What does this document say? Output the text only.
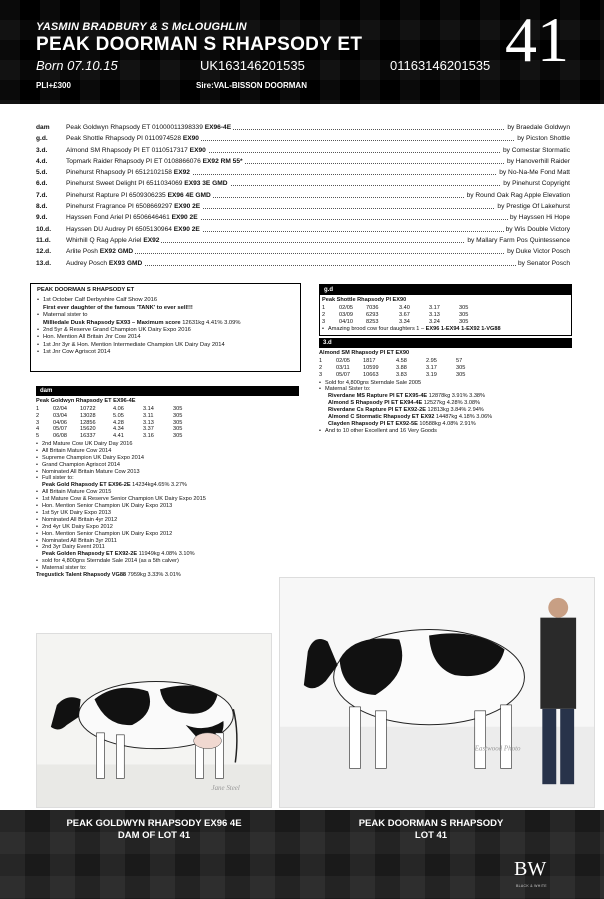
YASMIN BRADBURY & S McLOUGHLIN
PEAK DOORMAN S RHAPSODY ET
Born 07.10.15	UK163146201535	01163146201535 41
PLI+£300	Sire:VAL-BISSON DOORMAN
dam	Peak Goldwyn Rhapsody ET 01000011398339 EX96-4E	by Braedale Goldwyn
g.d.	Peak Shottle Rhapsody PI 0110974528 EX90	by Picston Shottle
3.d.	Almond SM Rhapsody PI ET 0110517317 EX90	by Comestar Stormatic
4.d.	Topmark Raider Rhapsody PI ET 0108866076 EX92 RM 55*	by Hanoverhill Raider
5.d.	Pinehurst Rhapsody PI 6512102158 EX92	by No-Na-Me Fond Matt
6.d.	Pinehurst Sweet Delight PI 6511034069 EX93 3E GMD	by Pinehurst Copyright
7.d.	Pinehurst Rapture PI 6509306235 EX96 4E GMD	by Round Oak Rag Apple Elevation
8.d.	Pinehurst Fragrance PI 6508669297 EX90 2E	by Prestige Of Lakehurst
9.d.	Hayssen Fond Ariel PI 6506646461 EX90 2E	by Hayssen Hi Hope
10.d.	Hayssen DU Audrey PI 6505130964 EX90 2E	by Wis Double Victory
11.d.	Whirhill Q Rag Apple Ariel EX92	by Mallary Farm Pos Quintessence
12.d.	Arlite Posh EX92 GMD	by Duke Victor Posch
13.d.	Audrey Posch EX93 GMD	by Senator Posch
PEAK DOORMAN S RHAPSODY ET
• 1st October Calf Derbyshire Calf Show 2016
First ever daughter of the famous 'TANK' to ever sell!!!
• Maternal sister to
Milliedale Dusk Rhapsody EX93 – Maximum score 12631kg 4.41% 3.09%
• 2nd 5yr & Reserve Grand Champion UK Dairy Expo 2016
• Hon. Mention All Britain Jnr Cow 2014
• 1st Jnr 3yr & Hon. Mention Intermediate Champion UK Dairy Day 2014
• 1st Jnr Cow Agriscot 2014
dam
Peak Goldwyn Rhapsody ET EX96-4E
1	02/04	10722	4.06	3.14	305
2	03/04	13028	5.05	3.11	305
3	04/06	12856	4.28	3.13	305
4	05/07	15620	4.34	3.37	305
5	06/08	16337	4.41	3.16	305
• 2nd Mature Cow UK Dairy Day 2016
• All Britain Mature Cow 2014
• Supreme Champion UK Dairy Expo 2014
• Grand Champion Agriscot 2014
• Nominated All Britain Mature Cow 2013
• Full sister to:
Peak Gold Rhapsody ET EX96-2E 14234kg4.65% 3.27%
• All Britain Mature Cow 2015
• 1st Mature Cow & Reserve Senior Champion UK Dairy Expo 2015
• Hon. Mention Senior Champion UK Dairy Expo 2013
• 1st 5yr UK Dairy Expo 2013
• Nominated All Britain 4yr 2012
• 2nd 4yr UK Dairy Expo 2012
• Hon. Mention Senior Champion UK Dairy Expo 2012
• Nominated All Britain 3yr 2011
• 2nd 3yr Dairy Event 2011
Peak Golden Rhapsody ET EX92-2E 11949kg 4.08% 3.10%
• sold for 4,800gns Sterndale Sale 2014 (as a 5th calver)
• Maternal sister to:
Tregustick Talent Rhapsody VG88 7959kg 3.33% 3.01%
g.d
Peak Shottle Rhapsody PI EX90
1	02/05	7036	3.40	3.17	305
2	03/09	6293	3.67	3.13	305
3	04/10	8253	3.34	3.24	305
• Amazing brood cow four daughters 1 – EX96 1-EX94 1-EX92 1-VG88
3.d
Almond SM Rhapsody PI ET EX90
1	02/05	1817	4.58	2.95	57
2	03/11	10599	3.88	3.17	305
3	05/07	10663	3.83	3.19	305
• Sold for 4,800gns Sterndale Sale 2005
• Maternal Sister to:
Riverdane MS Rapture PI ET EX95-4E 12878kg 3.91% 3.38%
Almond S Rhapsody PI ET EX94-4E 12527kg 4.28% 3.08%
Riverdane Cs Rapture PI ET EX92-2E 12813kg 3.84% 2.94%
Almond C Stormatic Rhapsody ET EX92 14487kg 4.18% 3.06%
Clayden Rhapsody PI ET EX92-5E 10588kg 4.08% 2.91%
• And to 10 other Excellent and 16 Very Goods
Jane Steel
Eastwood Photo
PEAK GOLDWYN RHAPSODY EX96 4E
DAM OF LOT 41
PEAK DOORMAN S RHAPSODY
LOT 41
BW
BLACK & WHITE
